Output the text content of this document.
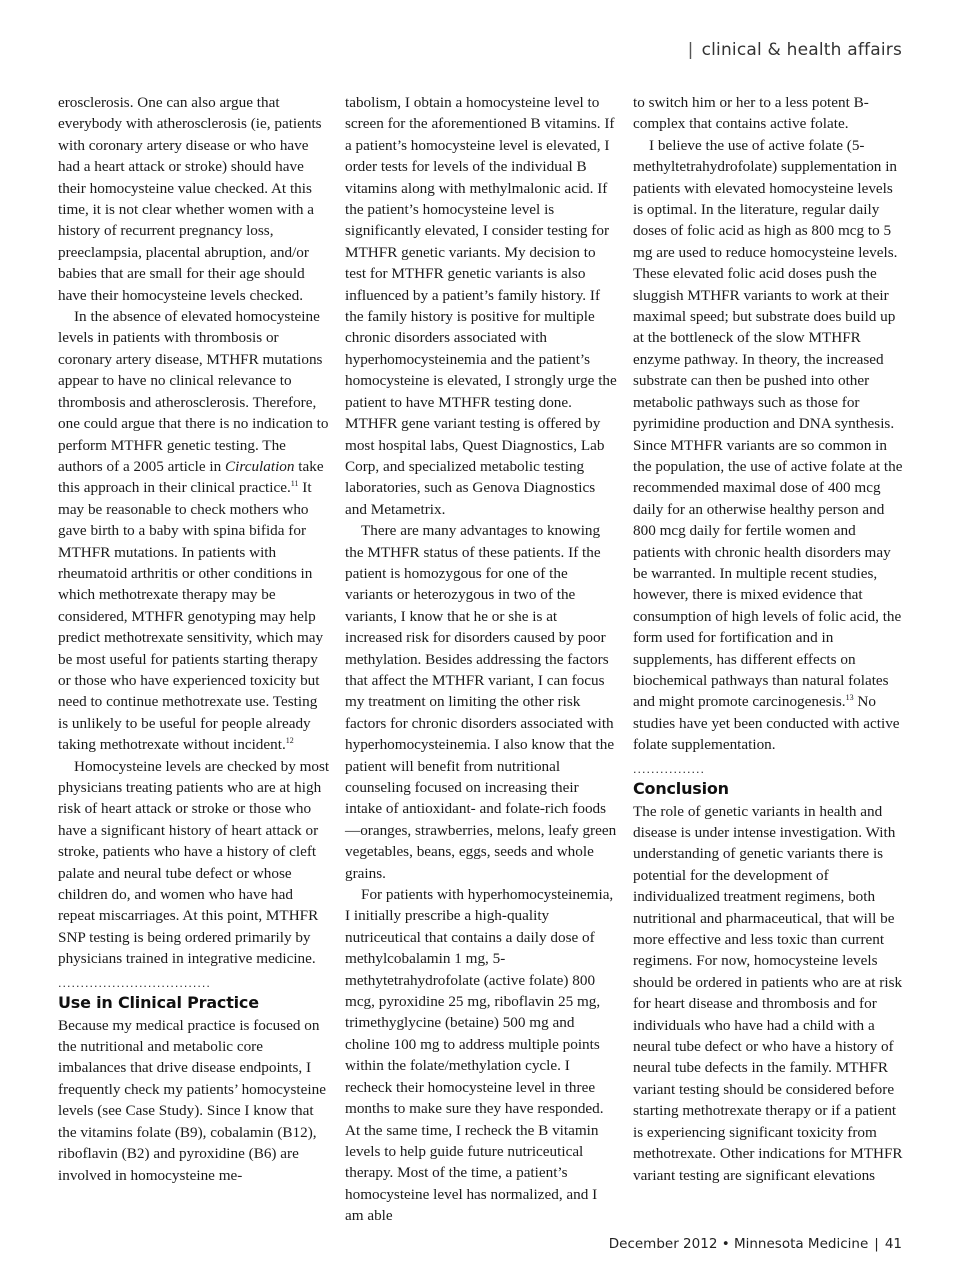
| clinical & health affairs

erosclerosis. One can also argue that everybody with atherosclerosis (ie, patients with coronary artery disease or who have had a heart attack or stroke) should have their homocysteine value checked. At this time, it is not clear whether women with a history of recurrent pregnancy loss, preeclampsia, placental abruption, and/or babies that are small for their age should have their homocysteine levels checked.

In the absence of elevated homocysteine levels in patients with thrombosis or coronary artery disease, MTHFR mutations appear to have no clinical relevance to thrombosis and atherosclerosis. Therefore, one could argue that there is no indication to perform MTHFR genetic testing. The authors of a 2005 article in Circulation take this approach in their clinical practice.$^{11}$ It may be reasonable to check mothers who gave birth to a baby with spina bifida for MTHFR mutations. In patients with rheumatoid arthritis or other conditions in which methotrexate therapy may be considered, MTHFR genotyping may help predict methotrexate sensitivity, which may be most useful for patients starting therapy or those who have experienced toxicity but need to continue methotrexate use. Testing is unlikely to be useful for people already taking methotrexate without incident.$^{12}$

Homocysteine levels are checked by most physicians treating patients who are at high risk of heart attack or stroke or those who have a significant history of heart attack or stroke, patients who have a history of cleft palate and neural tube defect or whose children do, and women who have had repeat miscarriages. At this point, MTHFR SNP testing is being ordered primarily by physicians trained in integrative medicine.

..................................
Use in Clinical Practice

Because my medical practice is focused on the nutritional and metabolic core imbalances that drive disease endpoints, I frequently check my patients’ homocysteine levels (see Case Study). Since I know that the vitamins folate (B9), cobalamin (B12), riboflavin (B2) and pyroxidine (B6) are involved in homocysteine me-

tabolism, I obtain a homocysteine level to screen for the aforementioned B vitamins. If a patient’s homocysteine level is elevated, I order tests for levels of the individual B vitamins along with methylmalonic acid. If the patient’s homocysteine level is significantly elevated, I consider testing for MTHFR genetic variants. My decision to test for MTHFR genetic variants is also influenced by a patient’s family history. If the family history is positive for multiple chronic disorders associated with hyperhomocysteinemia and the patient’s homocysteine is elevated, I strongly urge the patient to have MTHFR testing done. MTHFR gene variant testing is offered by most hospital labs, Quest Diagnostics, Lab Corp, and specialized metabolic testing laboratories, such as Genova Diagnostics and Metametrix.

There are many advantages to knowing the MTHFR status of these patients. If the patient is homozygous for one of the variants or heterozygous in two of the variants, I know that he or she is at increased risk for disorders caused by poor methylation. Besides addressing the factors that affect the MTHFR variant, I can focus my treatment on limiting the other risk factors for chronic disorders associated with hyperhomocysteinemia. I also know that the patient will benefit from nutritional counseling focused on increasing their intake of antioxidant- and folate-rich foods—oranges, strawberries, melons, leafy green vegetables, beans, eggs, seeds and whole grains.

For patients with hyperhomocysteinemia, I initially prescribe a high-quality nutriceutical that contains a daily dose of methylcobalamin 1 mg, 5-methytetrahydrofolate (active folate) 800 mcg, pyroxidine 25 mg, riboflavin 25 mg, trimethyglycine (betaine) 500 mg and choline 100 mg to address multiple points within the folate/methylation cycle. I recheck their homocysteine level in three months to make sure they have responded. At the same time, I recheck the B vitamin levels to help guide future nutriceutical therapy. Most of the time, a patient’s homocysteine level has normalized, and I am able

to switch him or her to a less potent B-complex that contains active folate.

I believe the use of active folate (5-methyltetrahydrofolate) supplementation in patients with elevated homocysteine levels is optimal. In the literature, regular daily doses of folic acid as high as 800 mcg to 5 mg are used to reduce homocysteine levels. These elevated folic acid doses push the sluggish MTHFR variants to work at their maximal speed; but substrate does build up at the bottleneck of the slow MTHFR enzyme pathway. In theory, the increased substrate can then be pushed into other metabolic pathways such as those for pyrimidine production and DNA synthesis. Since MTHFR variants are so common in the population, the use of active folate at the recommended maximal dose of 400 mcg daily for an otherwise healthy person and 800 mcg daily for fertile women and patients with chronic health disorders may be warranted. In multiple recent studies, however, there is mixed evidence that consumption of high levels of folic acid, the form used for fortification and in supplements, has different effects on biochemical pathways than natural folates and might promote carcinogenesis.$^{13}$ No studies have yet been conducted with active folate supplementation.

................
Conclusion

The role of genetic variants in health and disease is under intense investigation. With understanding of genetic variants there is potential for the development of individualized treatment regimens, both nutritional and pharmaceutical, that will be more effective and less toxic than current regimens. For now, homocysteine levels should be ordered in patients who are at risk for heart disease and thrombosis and for individuals who have had a child with a neural tube defect or who have a history of neural tube defects in the family. MTHFR variant testing should be considered before starting methotrexate therapy or if a patient is experiencing significant toxicity from methotrexate. Other indications for MTHFR variant testing are significant elevations

December 2012 • Minnesota Medicine | 41
